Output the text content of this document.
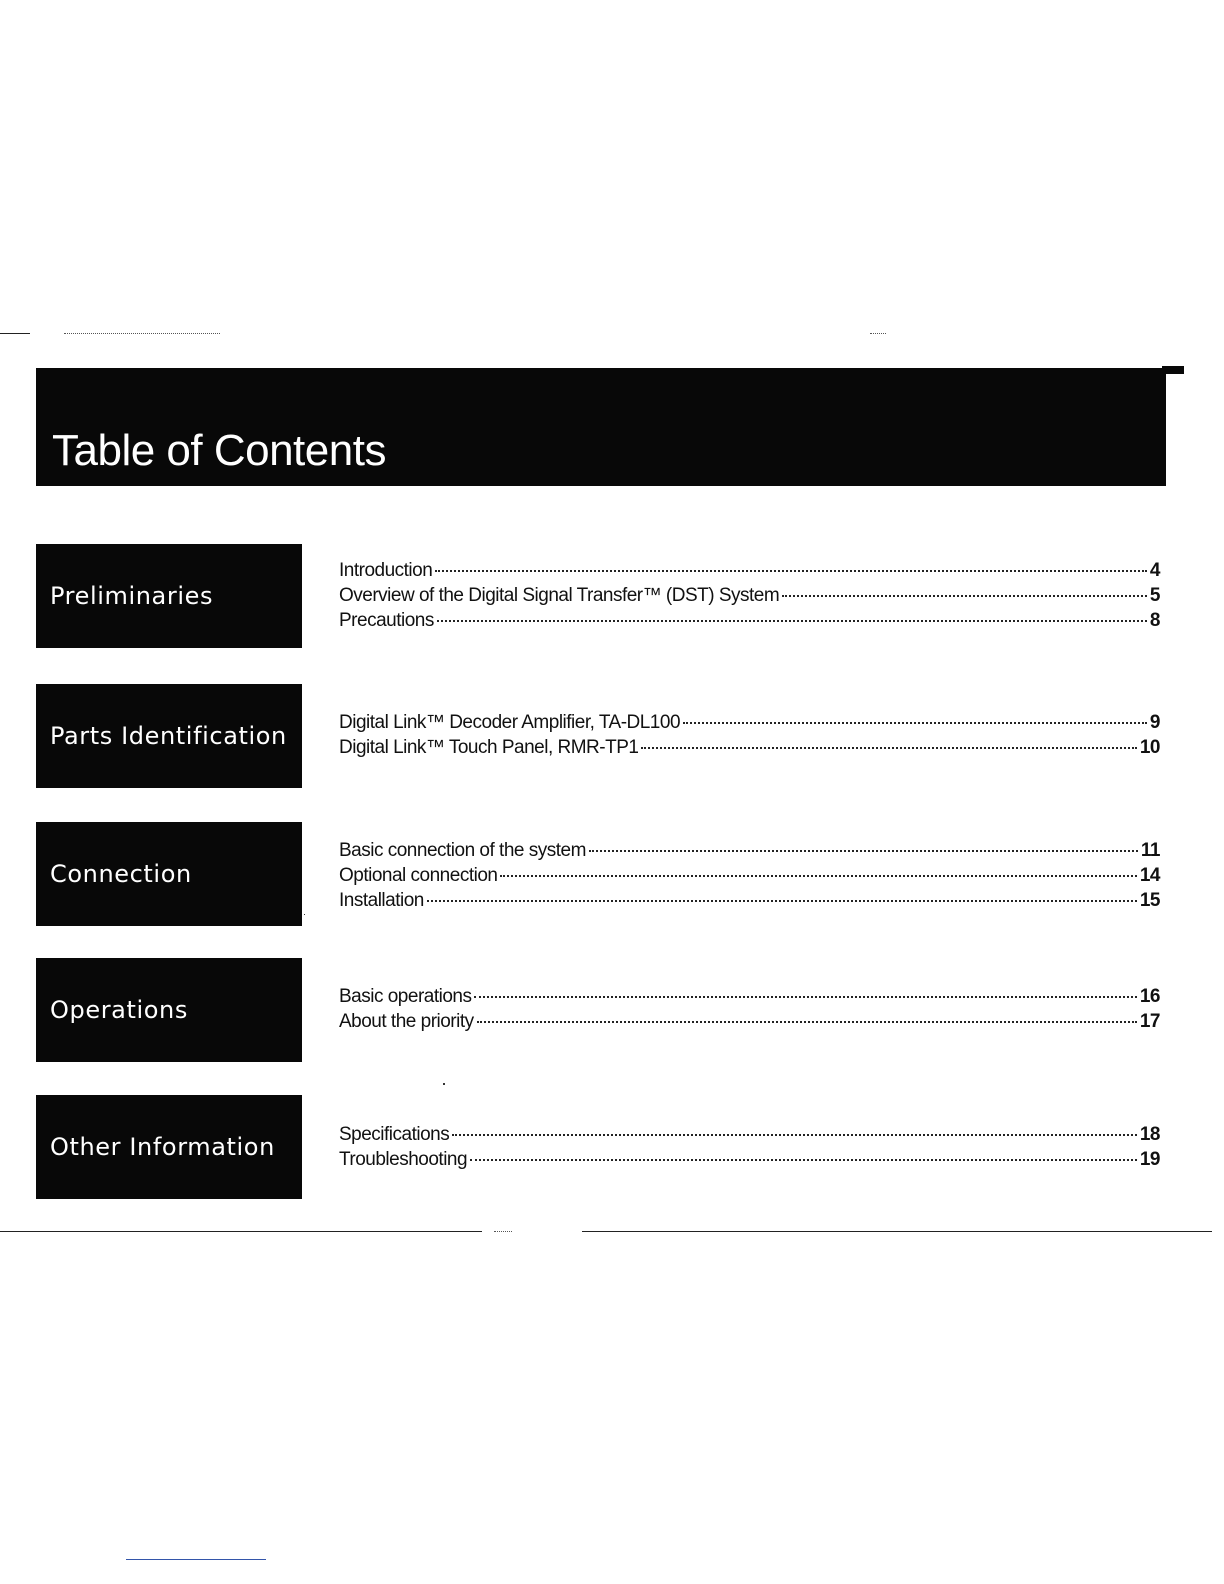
Table of Contents
Preliminaries
Introduction	4
Overview of the Digital Signal Transfer™ (DST) System	5
Precautions	8
Parts Identification	Digital Link™ Decoder Amplifier, TA-DL100	9
Digital Link™ Touch Panel, RMR-TP1	10
Connection
Basic connection of the system	11
Optional connection	14
Installation	15
Operations	Basic operations	16
About the priority	17
Other Information	Specifications	18
Troubleshooting	19
